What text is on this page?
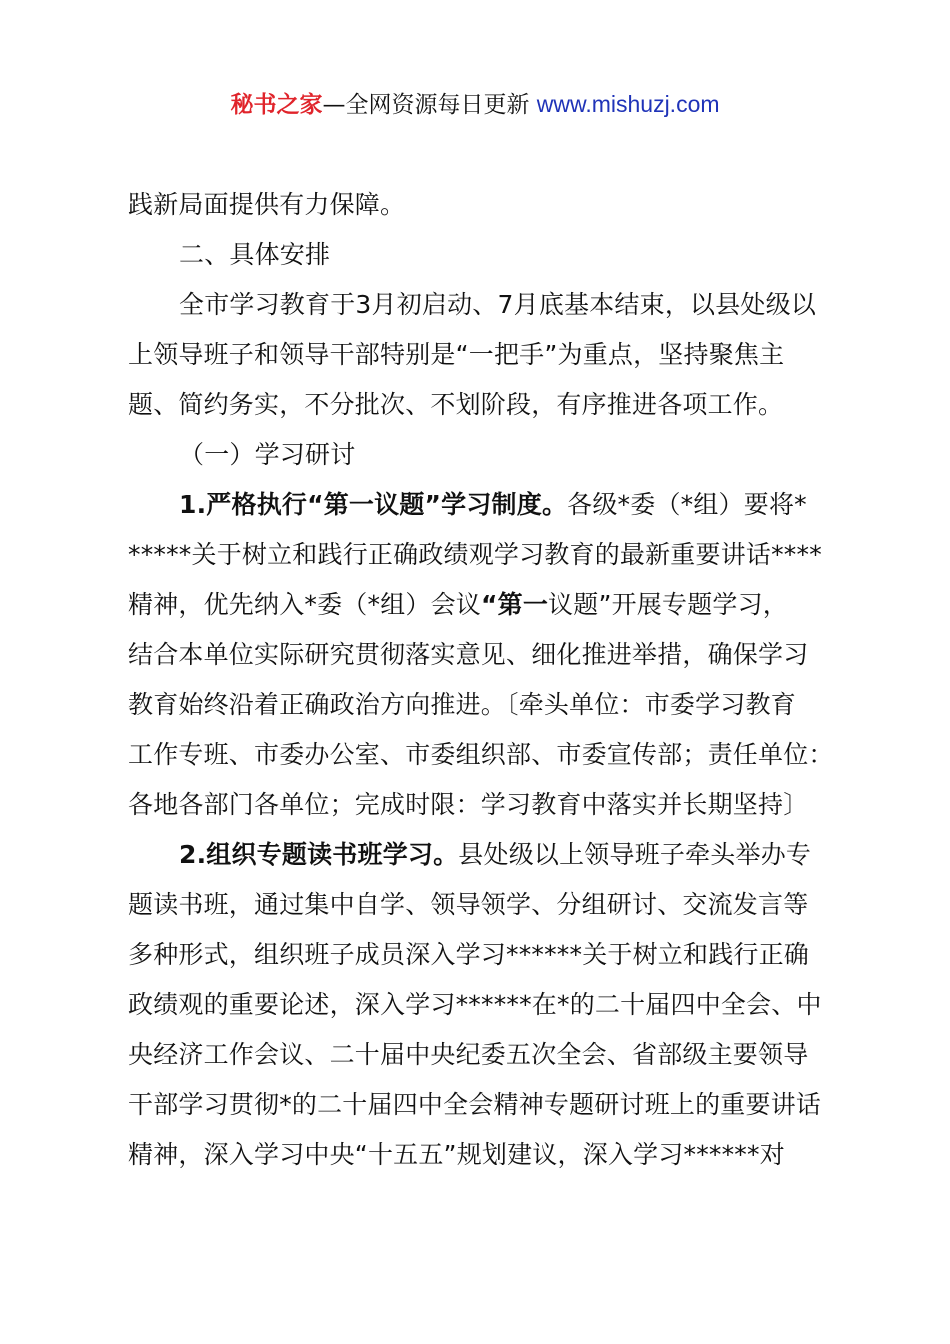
秘书之家—全网资源每日更新 www.mishuzj.com
践新局面提供有力保障。
二、具体安排
全市学习教育于3月初启动、7月底基本结束，以县处级以
上领导班子和领导干部特别是“一把手”为重点，坚持聚焦主
题、简约务实，不分批次、不划阶段，有序推进各项工作。
（一）学习研讨
1.严格执行“第一议题”学习制度。各级*委（*组）要将*
*****关于树立和践行正确政绩观学习教育的最新重要讲话****
精神，优先纳入*委（*组）会议“第一议题”开展专题学习，
结合本单位实际研究贯彻落实意见、细化推进举措，确保学习
教育始终沿着正确政治方向推进。〔牵头单位：市委学习教育
工作专班、市委办公室、市委组织部、市委宣传部；责任单位：
各地各部门各单位；完成时限：学习教育中落实并长期坚持〕
2.组织专题读书班学习。县处级以上领导班子牵头举办专
题读书班，通过集中自学、领导领学、分组研讨、交流发言等
多种形式，组织班子成员深入学习******关于树立和践行正确
政绩观的重要论述，深入学习******在*的二十届四中全会、中
央经济工作会议、二十届中央纪委五次全会、省部级主要领导
干部学习贯彻*的二十届四中全会精神专题研讨班上的重要讲话
精神，深入学习中央“十五五”规划建议，深入学习******对
